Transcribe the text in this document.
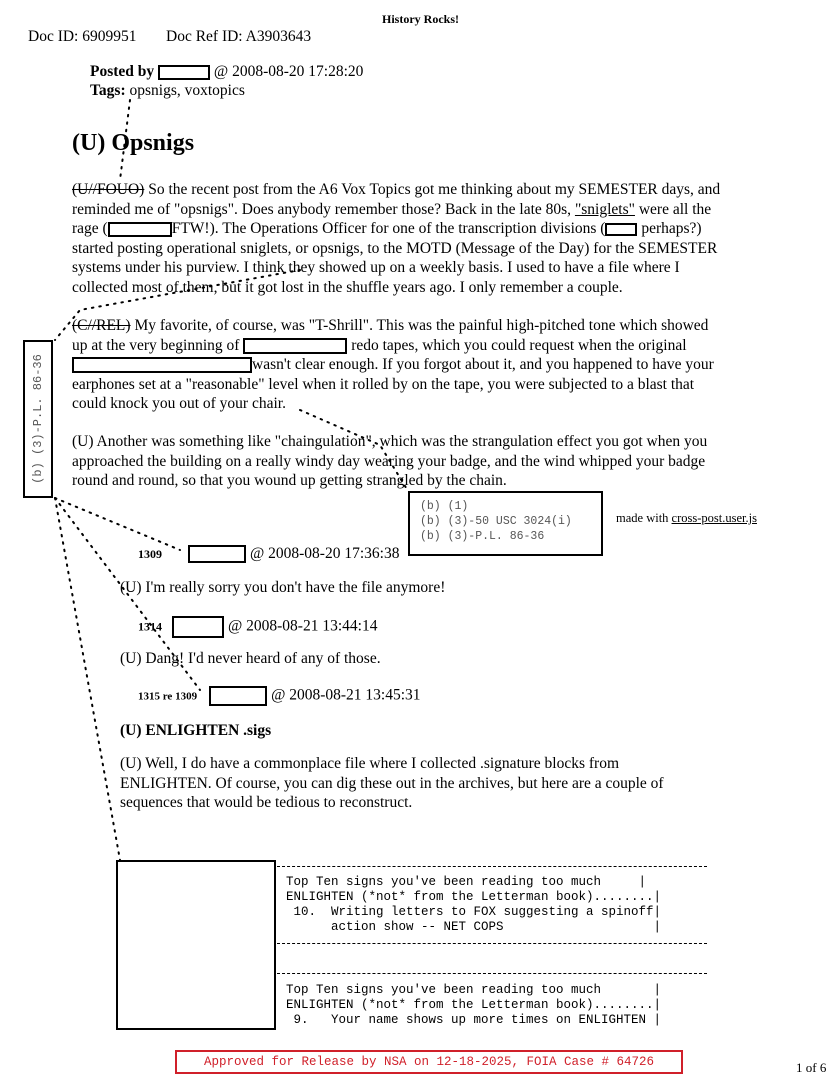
History Rocks!
Doc ID: 6909951 Doc Ref ID: A3903643
Posted by	@ 2008-08-20 17:28:20
Tags: opsnigs, voxtopics
(U) Opsnigs
(U//FOUO) So the recent post from the A6 Vox Topics got me thinking about my SEMESTER days, and
reminded me of "opsnigs". Does anybody remember those? Back in the late 80s, "sniglets" were all the
rage (	FTW!). The Operations Officer for one of the transcription divisions ( perhaps?)
started posting operational sniglets, or opsnigs, to the MOTD (Message of the Day) for the SEMESTER
systems under his purview. I think they showed up on a weekly basis. I used to have a file where I
collected most of them, but it got lost in the shuffle years ago. I only remember a couple.
(C//REL) My favorite, of course, was "T-Shrill". This was the painful high-pitched tone which showed
up at the very beginning of	redo tapes, which you could request when the original
wasn't clear enough. If you forgot about it, and you happened to have your
earphones set at a "reasonable" level when it rolled by on the tape, you were subjected to a blast that
could knock you out of your chair.
(U) Another was something like "chaingulation", which was the strangulation effect you got when you
approached the building on a really windy day wearing your badge, and the wind whipped your badge
round and round, so that you wound up getting strangled by the chain.
(b) (3)-P.L. 86-36
(b) (1)
(b) (3)-50 USC 3024(i)
(b) (3)-P.L. 86-36
made with cross-post.user.js
1309	@ 2008-08-20 17:36:38
(U) I'm really sorry you don't have the file anymore!
1314	@ 2008-08-21 13:44:14
(U) Dang! I'd never heard of any of those.
1315 re 1309	@ 2008-08-21 13:45:31
(U) ENLIGHTEN .sigs
(U) Well, I do have a commonplace file where I collected .signature blocks from
ENLIGHTEN. Of course, you can dig these out in the archives, but here are a couple of
sequences that would be tedious to reconstruct.
Top Ten signs you've been reading too much     |
ENLIGHTEN (*not* from the Letterman book)........|
10.  Writing letters to FOX suggesting a spinoff|
action show -- NET COPS                    |
Top Ten signs you've been reading too much       |
ENLIGHTEN (*not* from the Letterman book)........|
9.   Your name shows up more times on ENLIGHTEN |
Approved for Release by NSA on 12-18-2025, FOIA Case # 64726	1 of 6
